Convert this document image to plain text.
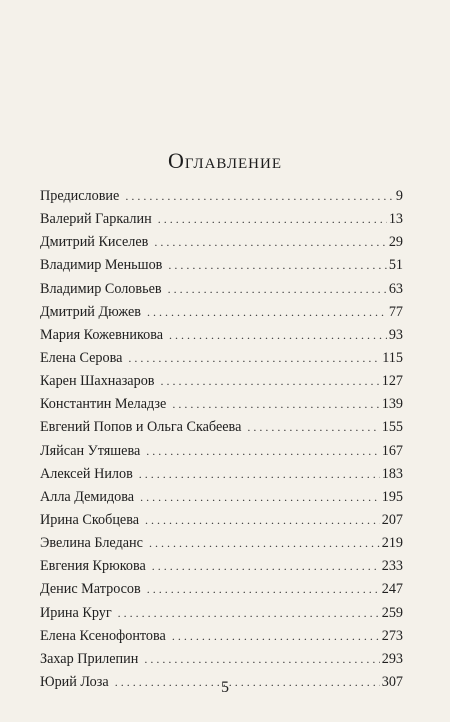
Оглавление
Предисловие . . .	9
Валерий Гаркалин . . .	13
Дмитрий Киселев . . .	29
Владимир Меньшов . . .	51
Владимир Соловьев . . .	63
Дмитрий Дюжев . . .	77
Мария Кожевникова . . .	93
Елена Серова . . .	115
Карен Шахназаров . . .	127
Константин Меладзе . . .	139
Евгений Попов и Ольга Скабеева . . .	155
Ляйсан Утяшева . . .	167
Алексей Нилов . . .	183
Алла Демидова . . .	195
Ирина Скобцева . . .	207
Эвелина Бледанс . . .	219
Евгения Крюкова . . .	233
Денис Матросов . . .	247
Ирина Круг . . .	259
Елена Ксенофонтова . . .	273
Захар Прилепин . . .	293
Юрий Лоза . . .	307
5
